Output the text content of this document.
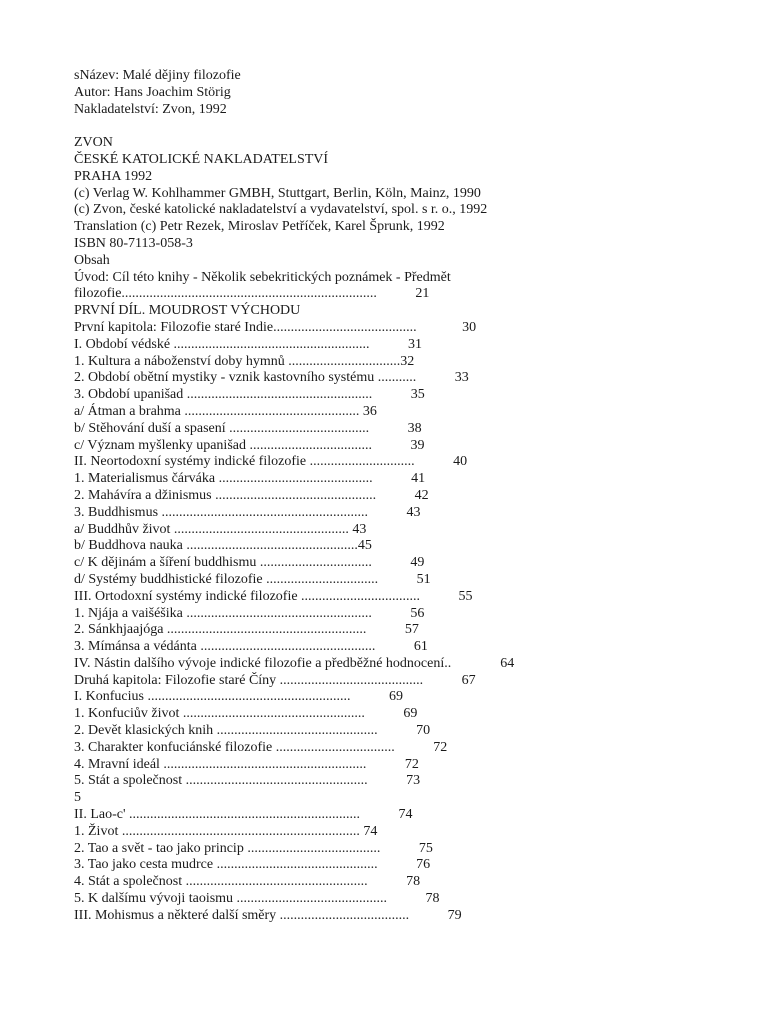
sNázev: Malé dějiny filozofie
Autor: Hans Joachim Störig
Nakladatelství: Zvon, 1992
ZVON
ČESKÉ KATOLICKÉ NAKLADATELSTVÍ
PRAHA 1992
(c) Verlag W. Kohlhammer GMBH, Stuttgart, Berlin, Köln, Mainz, 1990
(c) Zvon, české katolické nakladatelství a vydavatelství, spol. s r. o., 1992
Translation (c) Petr Rezek, Miroslav Petříček, Karel Šprunk, 1992
ISBN 80-7113-058-3
Obsah
Úvod: Cíl této knihy - Několik sebekritických poznámek - Předmět
filozofie.........................................................................           21
PRVNÍ DÍL. MOUDROST VÝCHODU
První kapitola: Filozofie staré Indie.........................................             30
I. Období védské ........................................................           31
1. Kultura a náboženství doby hymnů ................................32
2. Období obětní mystiky - vznik kastovního systému ...........           33
3. Období upanišad .....................................................           35
a/ Átman a brahma .................................................. 36
b/ Stěhování duší a spasení ........................................           38
c/ Význam myšlenky upanišad ...................................           39
II. Neortodoxní systémy indické filozofie ..............................           40
1. Materialismus čárváka ............................................           41
2. Mahávíra a džinismus ..............................................           42
3. Buddhismus ...........................................................           43
a/ Buddhův život .................................................. 43
b/ Buddhova nauka .................................................45
c/ K dějinám a šíření buddhismu ................................           49
d/ Systémy buddhistické filozofie ................................           51
III. Ortodoxní systémy indické filozofie ..................................           55
1. Njája a vaišéšika .....................................................           56
2. Sánkhjaajóga .........................................................           57
3. Mímánsa a védánta ..................................................           61
IV. Nástin dalšího vývoje indické filozofie a předběžné hodnocení..              64
Druhá kapitola: Filozofie staré Číny .........................................           67
I. Konfucius ..........................................................           69
1. Konfuciův život ....................................................           69
2. Devět klasických knih ..............................................           70
3. Charakter konfuciánské filozofie ..................................           72
4. Mravní ideál ..........................................................           72
5. Stát a společnost ....................................................           73
5
II. Lao-c' ..................................................................           74
1. Život .................................................................... 74
2. Tao a svět - tao jako princip ......................................           75
3. Tao jako cesta mudrce ..............................................           76
4. Stát a společnost ....................................................           78
5. K dalšímu vývoji taoismu ...........................................           78
III. Mohismus a některé další směry .....................................           79
